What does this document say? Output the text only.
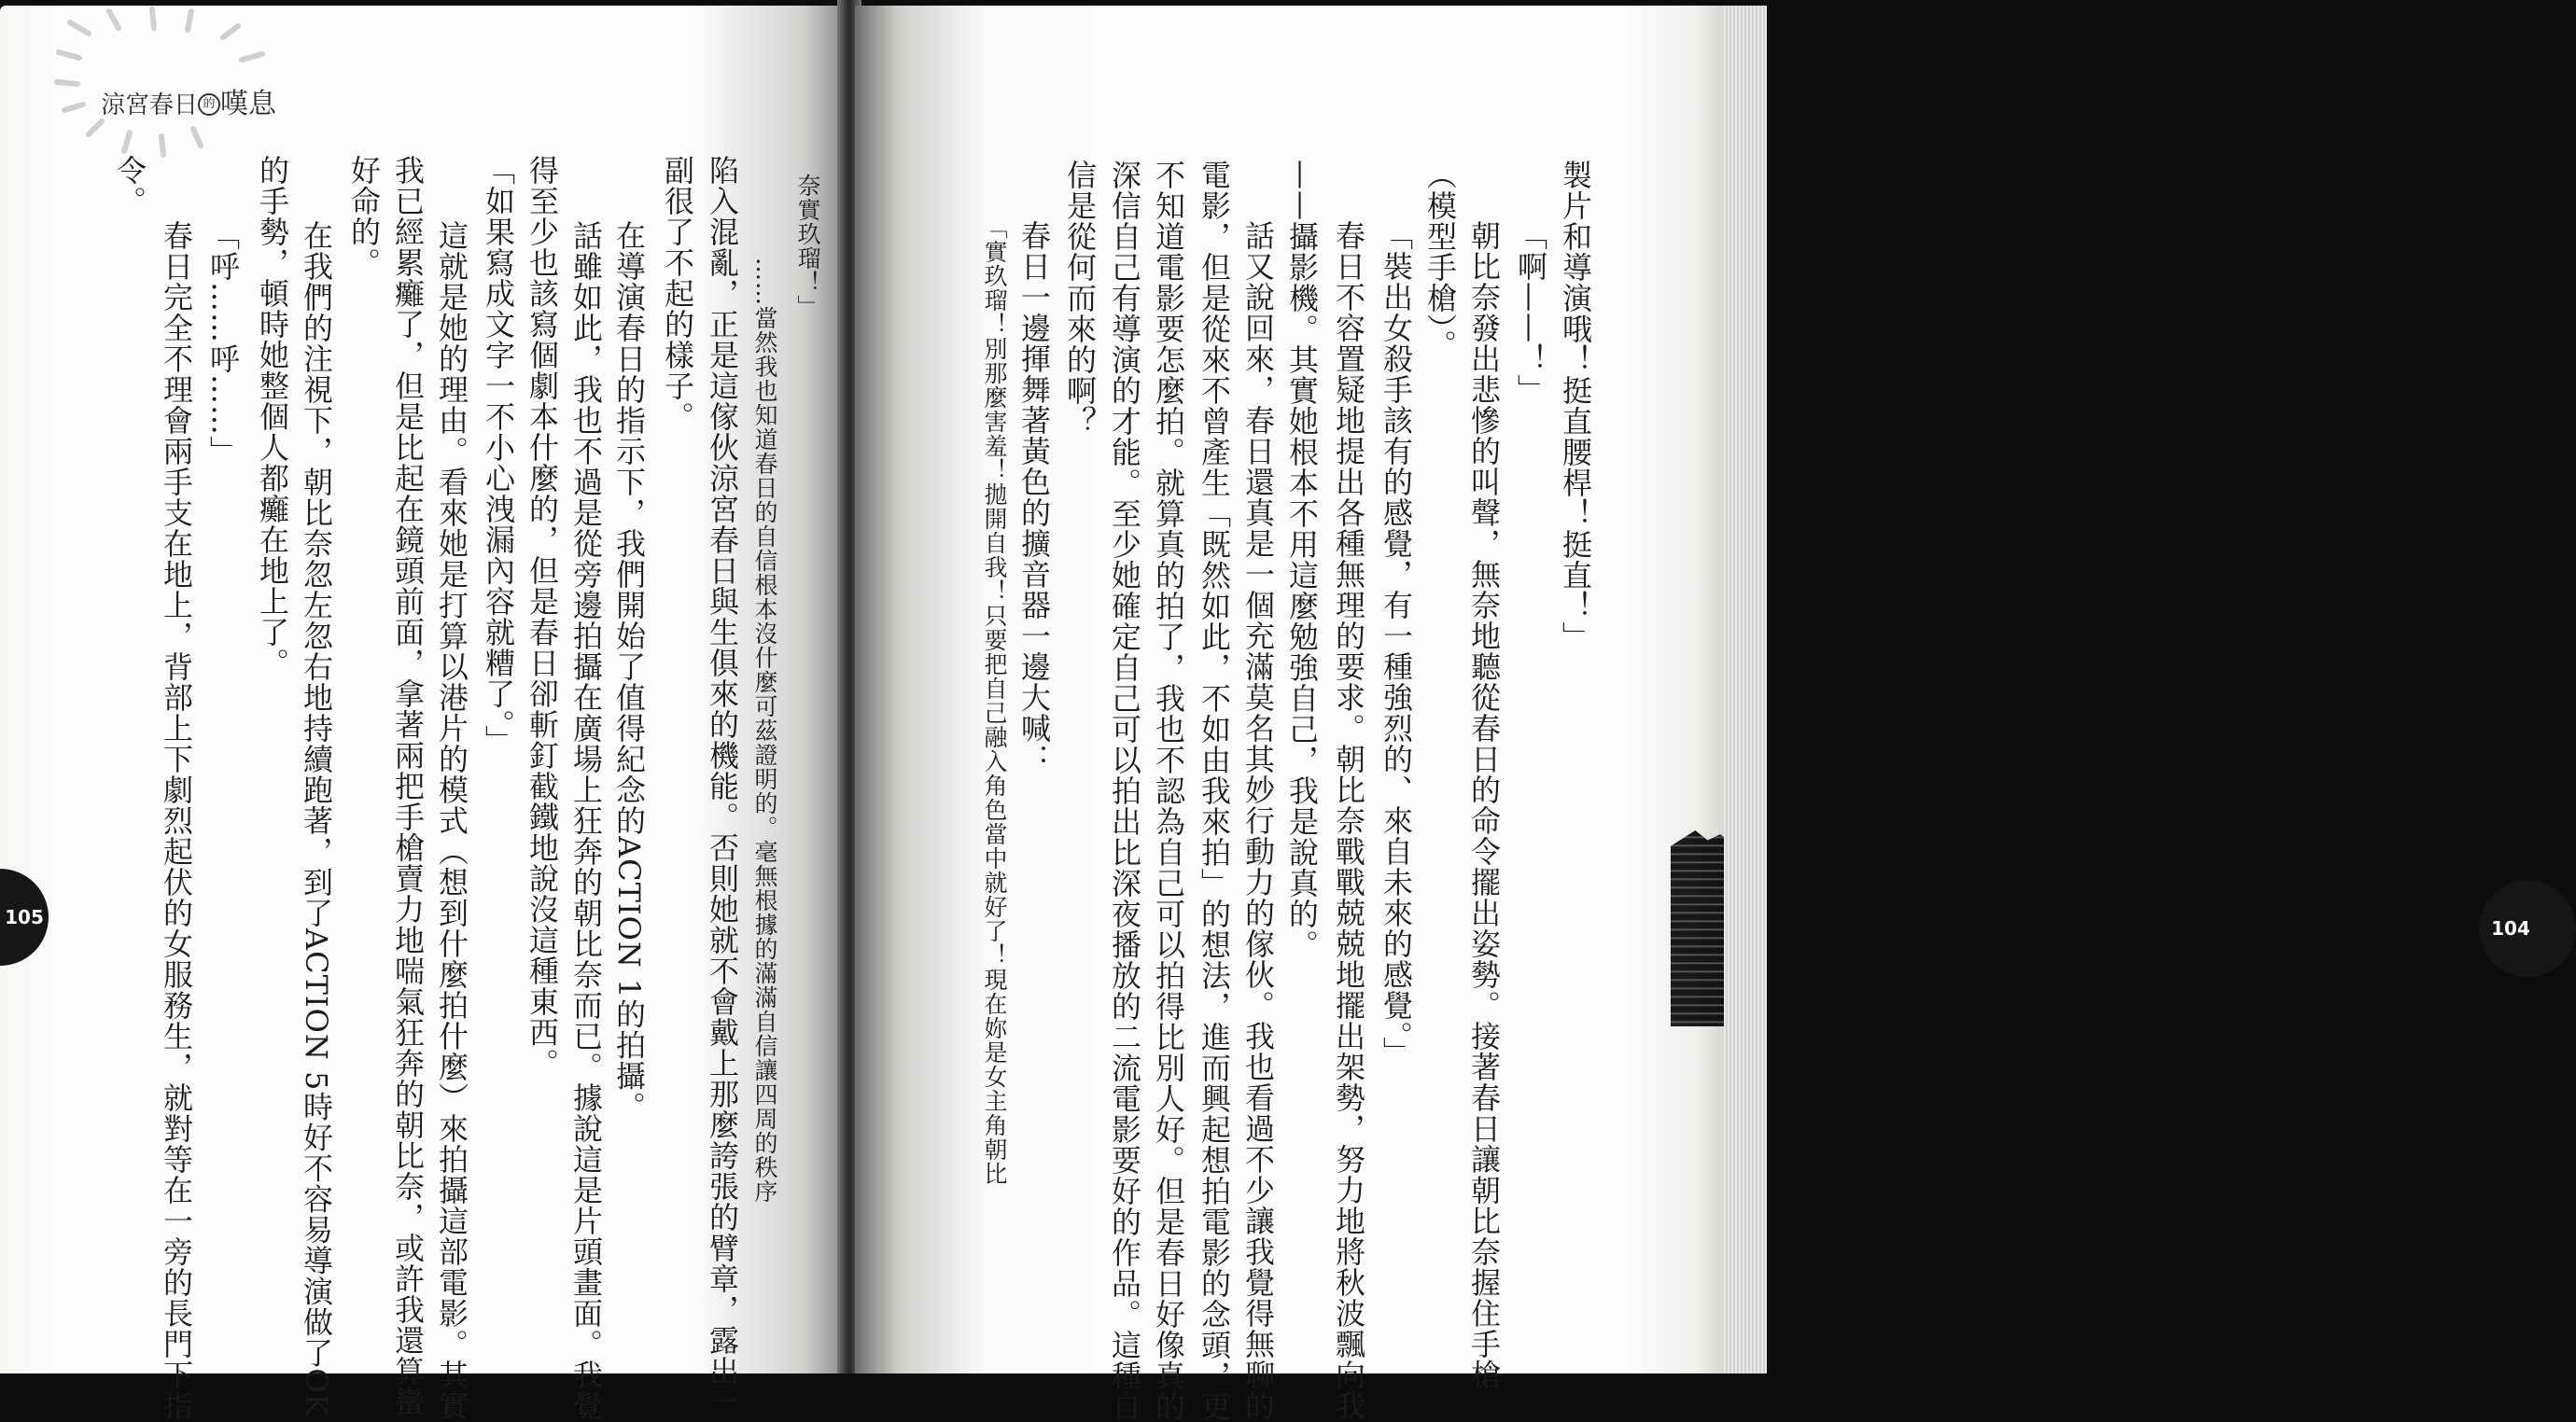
涼宮春日 的 嘆息
奈實玖瑠！」
……當然我也知道春日的自信根本沒什麼可茲證明的。毫無根據的滿滿自信讓四周的秩序
陷入混亂，正是這傢伙涼宮春日與生俱來的機能。否則她就不會戴上那麼誇張的臂章，露出一
副很了不起的樣子。
在導演春日的指示下，我們開始了值得紀念的ACTION 1的拍攝。
話雖如此，我也不過是從旁邊拍攝在廣場上狂奔的朝比奈而已。據說這是片頭畫面。我覺
得至少也該寫個劇本什麼的，但是春日卻斬釘截鐵地說沒這種東西。
「如果寫成文字一不小心洩漏內容就糟了。」
這就是她的理由。看來她是打算以港片的模式（想到什麼拍什麼）來拍攝這部電影。其實
我已經累癱了，但是比起在鏡頭前面，拿著兩把手槍賣力地喘氣狂奔的朝比奈，或許我還算蠻
好命的。
在我們的注視下，朝比奈忽左忽右地持續跑著，到了ACTION 5時好不容易導演做了OK
的手勢，頓時她整個人都癱在地上了。
「呼……呼……」
春日完全不理會兩手支在地上，背部上下劇烈起伏的女服務生，就對等在一旁的長門下指
令。
105
製片和導演哦！挺直腰桿！挺直！」
「啊——！」
朝比奈發出悲慘的叫聲，無奈地聽從春日的命令擺出姿勢。接著春日讓朝比奈握住手槍
（模型手槍）。
「裝出女殺手該有的感覺，有一種強烈的、來自未來的感覺。」
春日不容置疑地提出各種無理的要求。朝比奈戰戰兢兢地擺出架勢，努力地將秋波飄向我
——攝影機。其實她根本不用這麼勉強自己，我是說真的。
話又說回來，春日還真是一個充滿莫名其妙行動力的傢伙。我也看過不少讓我覺得無聊的
電影，但是從來不曾產生「既然如此，不如由我來拍」的想法，進而興起想拍電影的念頭，更
不知道電影要怎麼拍。就算真的拍了，我也不認為自己可以拍得比別人好。但是春日好像真的
深信自己有導演的才能。至少她確定自己可以拍出比深夜播放的二流電影要好的作品。這種自
信是從何而來的啊？
春日一邊揮舞著黃色的擴音器一邊大喊：
「實玖瑠！別那麼害羞！拋開自我！只要把自己融入角色當中就好了！現在妳是女主角朝比	104
